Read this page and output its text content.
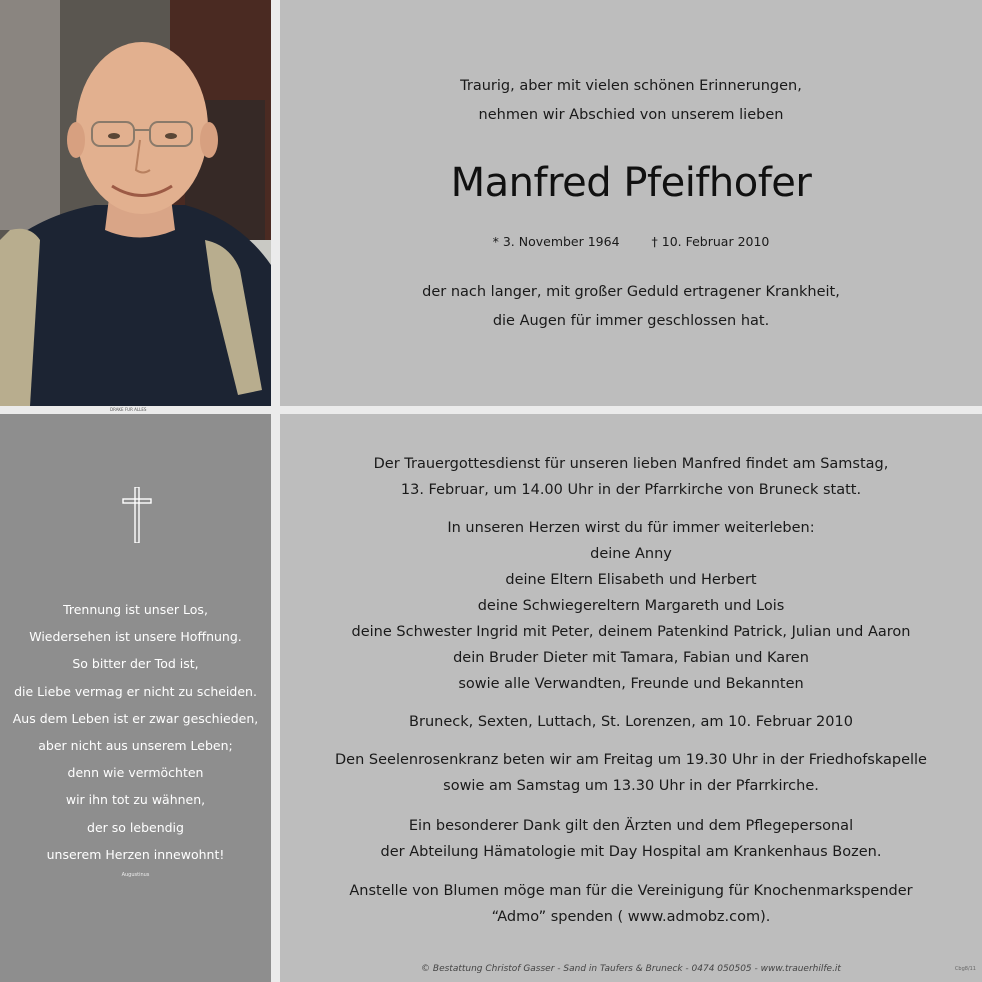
DRAKE FUR ALLES
Traurig, aber mit vielen schönen Erinnerungen,
nehmen wir Abschied von unserem lieben
Manfred Pfeifhofer
* 3. November 1964	† 10. Februar 2010
der nach langer, mit großer Geduld ertragener Krankheit,
die Augen für immer geschlossen hat.
Trennung ist unser Los,
Wiedersehen ist unsere Hoffnung.
So bitter der Tod ist,
die Liebe vermag er nicht zu scheiden.
Aus dem Leben ist er zwar geschieden,
aber nicht aus unserem Leben;
denn wie vermöchten
wir ihn tot zu wähnen,
der so lebendig
unserem Herzen innewohnt!
Augustinus
Der Trauergottesdienst für unseren lieben Manfred findet am Samstag,
13. Februar, um 14.00 Uhr in der Pfarrkirche von Bruneck statt.
In unseren Herzen wirst du für immer weiterleben:
deine Anny
deine Eltern Elisabeth und Herbert
deine Schwiegereltern Margareth und Lois
deine Schwester Ingrid mit Peter, deinem Patenkind Patrick, Julian und Aaron
dein Bruder Dieter mit Tamara, Fabian und Karen
sowie alle Verwandten, Freunde und Bekannten
Bruneck, Sexten, Luttach, St. Lorenzen, am 10. Februar 2010
Den Seelenrosenkranz beten wir am Freitag um 19.30 Uhr in der Friedhofskapelle
sowie am Samstag um 13.30 Uhr in der Pfarrkirche.
Ein besonderer Dank gilt den Ärzten und dem Pflegepersonal
der Abteilung Hämatologie mit Day Hospital am Krankenhaus Bozen.
Anstelle von Blumen möge man für die Vereinigung für Knochenmarkspender
“Admo” spenden ( www.admobz.com).
© Bestattung Christof Gasser - Sand in Taufers & Bruneck - 0474 050505 - www.trauerhilfe.it	Cbg8/11
